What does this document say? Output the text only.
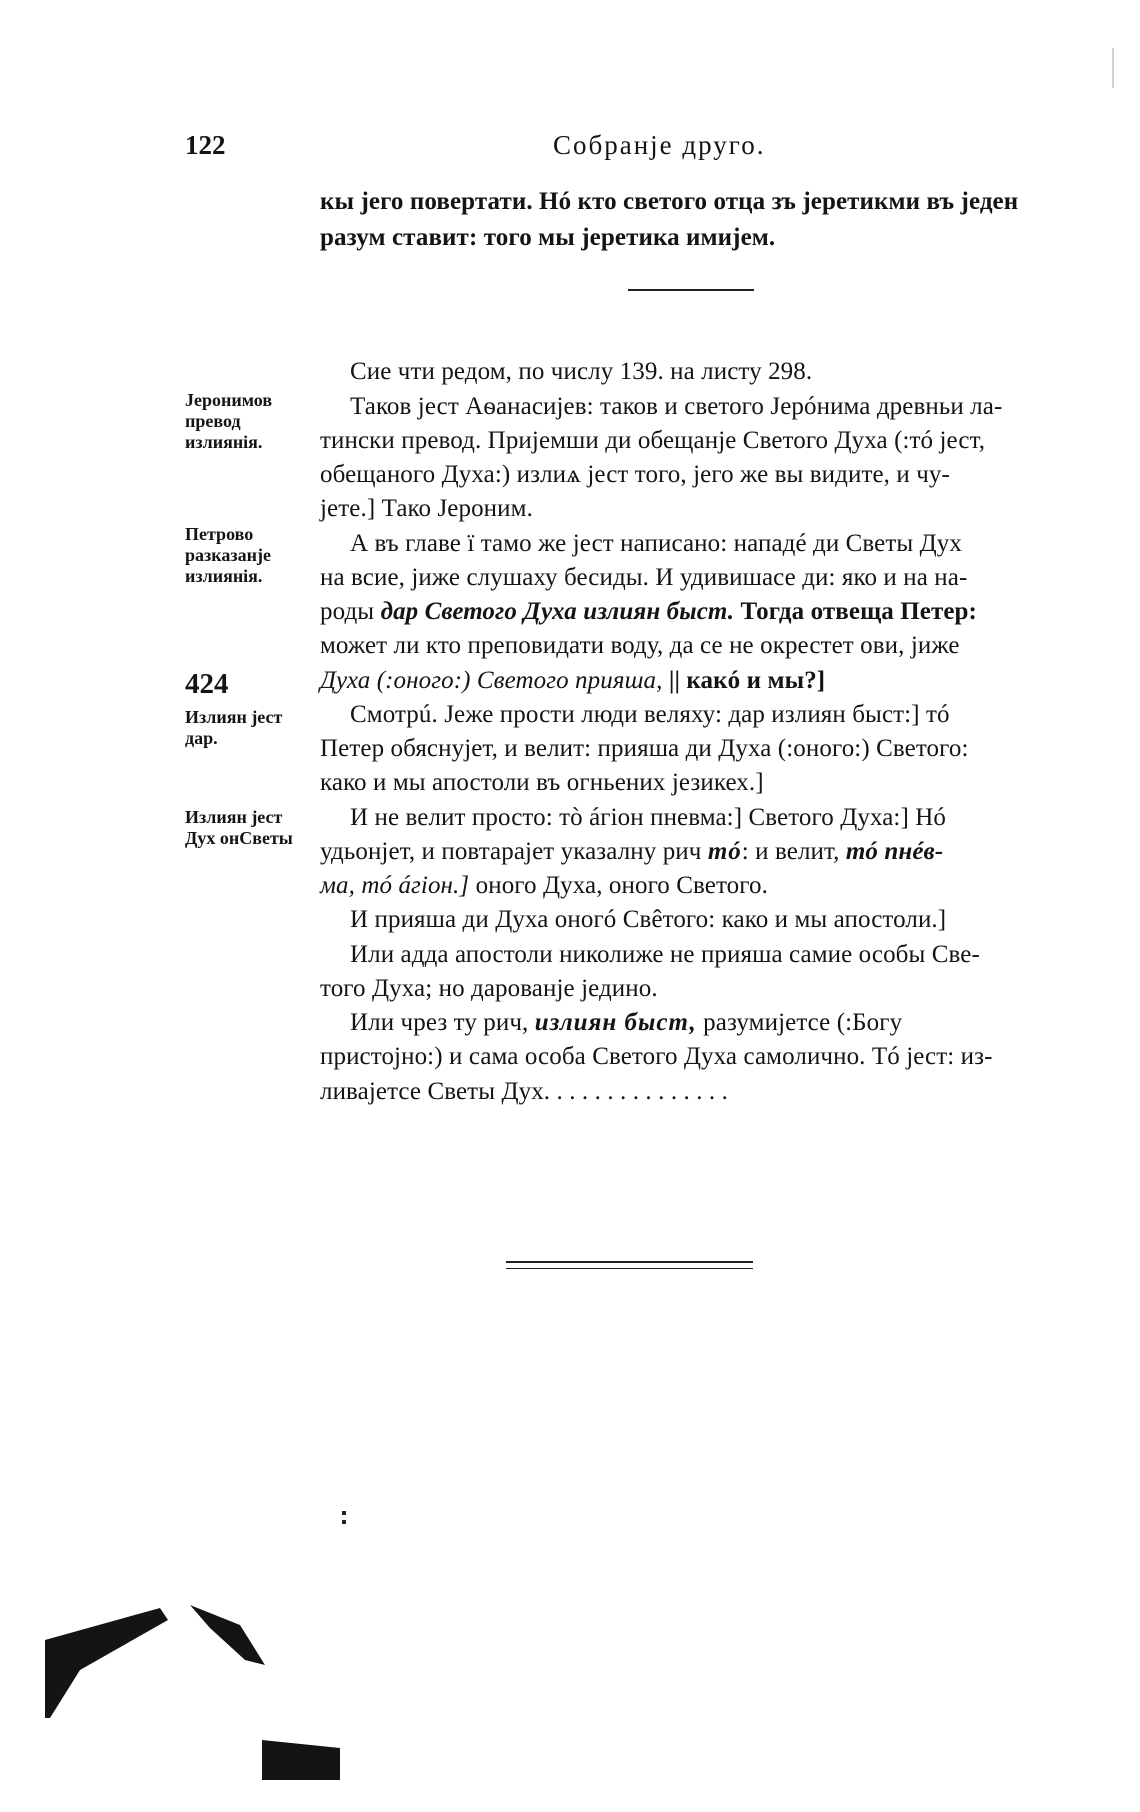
122	Собранје друго.
кы јего повертати. Нó кто светого отца зъ јеретикми въ једен
разум ставит: того мы јеретика имијем.
Сие чти редом, по числу 139. на листу 298.
Таков јест Аѳанасијев: таков и светого Јерóнима древньи ла-
тински превод. Пријемши ди обещанје Светого Духа (:тó јест,
обещаного Духа:) излиѧ јест того, јего же вы видите, и чу-
јете.] Тако Јероним.
А въ главе ї тамо же јест написано: нападé ди Светы Дух
на всие, јиже слушаху бесиды. И удивишасе ди: яко и на на-
роды дар Светого Духа излиян быст. Тогда отвеща Петер:
может ли кто преповидати воду, да се не окрестет ови, јиже
Духа (:оного:) Светого прияша, || какó и мы?]
Смотрú. Јеже прости люди веляху: дар излиян быст:] тó
Петер обяснујет, и велит: прияша ди Духа (:оного:) Светого:
како и мы апостоли въ огньених језикех.]
И не велит просто: тò áгіон пневма:] Светого Духа:] Нó
удьонјет, и повтарајет указалну рич тó: и велит, тó пнéв-
ма, тó áгіон.] оного Духа, оного Светого.
И прияша ди Духа оногó Свêтого: како и мы апостоли.]
Или адда апостоли николиже не прияша самие особы Све-
того Духа; но дарованје једино.
Или чрез ту рич, излиян быст, разумијетсе (:Богу
пристојно:) и сама особа Светого Духа самолично. Тó јест: из-
ливајетсе Светы Дух. . . . . . . . . . . . . . .
Јеронимов превод излиянія.
Петрово разказанје излиянія.
424
Излиян јест дар.
Излиян јест Дух онСветы
